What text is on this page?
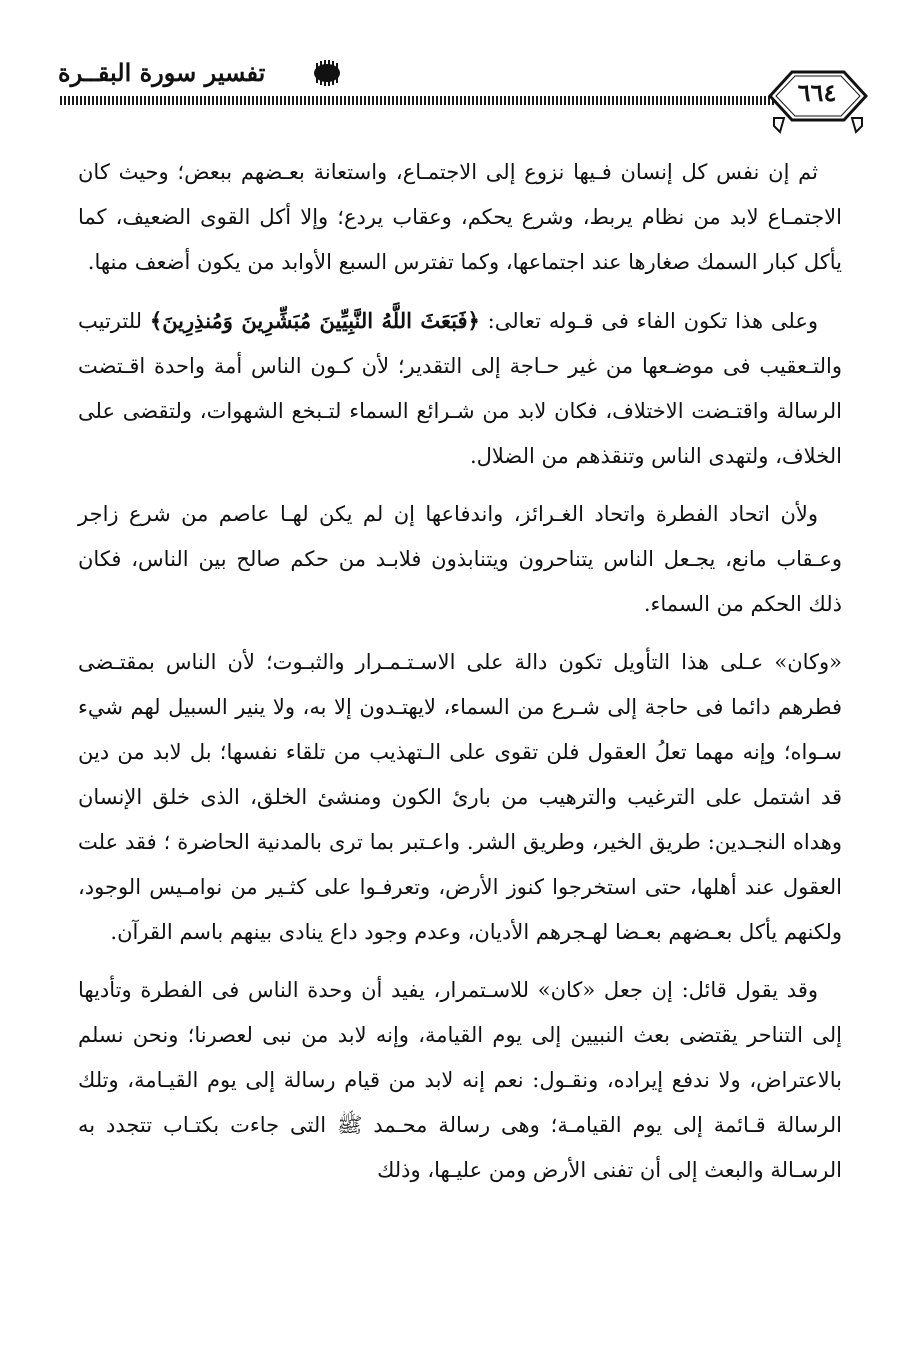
تفسير سورة البقــرة
٦٦٤

ثم إن نفس كل إنسان فـيها نزوع إلى الاجتمـاع، واستعانة بعـضهم ببعض؛ وحيث كان الاجتمـاع لابد من نظام يربط، وشرع يحكم، وعقاب يردع؛ وإلا أكل القوى الضعيف، كما يأكل كبار السمك صغارها عند اجتماعها، وكما تفترس السبع الأوابد من يكون أضعف منها.

وعلى هذا تكون الفاء فى قـوله تعالى: ﴿فَبَعَثَ اللَّهُ النَّبِيِّينَ مُبَشِّرِينَ وَمُنذِرِينَ﴾ للترتيب والتـعقيب فى موضـعها من غير حـاجة إلى التقدير؛ لأن كـون الناس أمة واحدة اقـتضت الرسالة واقتـضت الاختلاف، فكان لابد من شـرائع السماء لتـبخع الشهوات، ولتقضى على الخلاف، ولتهدى الناس وتنقذهم من الضلال.

ولأن اتحاد الفطرة واتحاد الغـرائز، واندفاعها إن لم يكن لهـا عاصم من شرع زاجر وعـقاب مانع، يجـعل الناس يتناحرون ويتنابذون فلابـد من حكم صالح بين الناس، فكان ذلك الحكم من السماء.

«وكان» عـلى هذا التأويل تكون دالة على الاسـتـمـرار والثبـوت؛ لأن الناس بمقتـضى فطرهم دائما فى حاجة إلى شـرع من السماء، لايهتـدون إلا به، ولا ينير السبيل لهم شيء سـواه؛ وإنه مهما تعلُ العقول فلن تقوى على الـتهذيب من تلقاء نفسها؛ بل لابد من دين قد اشتمل على الترغيب والترهيب من بارئ الكون ومنشئ الخلق، الذى خلق الإنسان وهداه النجـدين: طريق الخير، وطريق الشر. واعـتبر بما ترى بالمدنية الحاضرة ؛ فقد علت العقول عند أهلها، حتى استخرجوا كنوز الأرض، وتعرفـوا على كثـير من نوامـيس الوجود، ولكنهم يأكل بعـضهم بعـضا لهـجرهم الأديان، وعدم وجود داع ينادى بينهم باسم القرآن.

وقد يقول قائل: إن جعل «كان» للاسـتمرار، يفيد أن وحدة الناس فى الفطرة وتأديها إلى التناحر يقتضى بعث النبيين إلى يوم القيامة، وإنه لابد من نبى لعصرنا؛ ونحن نسلم بالاعتراض، ولا ندفع إيراده، ونقـول: نعم إنه لابد من قيام رسالة إلى يوم القيـامة، وتلك الرسالة قـائمة إلى يوم القيامـة؛ وهى رسالة محـمد ﷺ التى جاءت بكتـاب تتجدد به الرسـالة والبعث إلى أن تفنى الأرض ومن عليـها، وذلك
